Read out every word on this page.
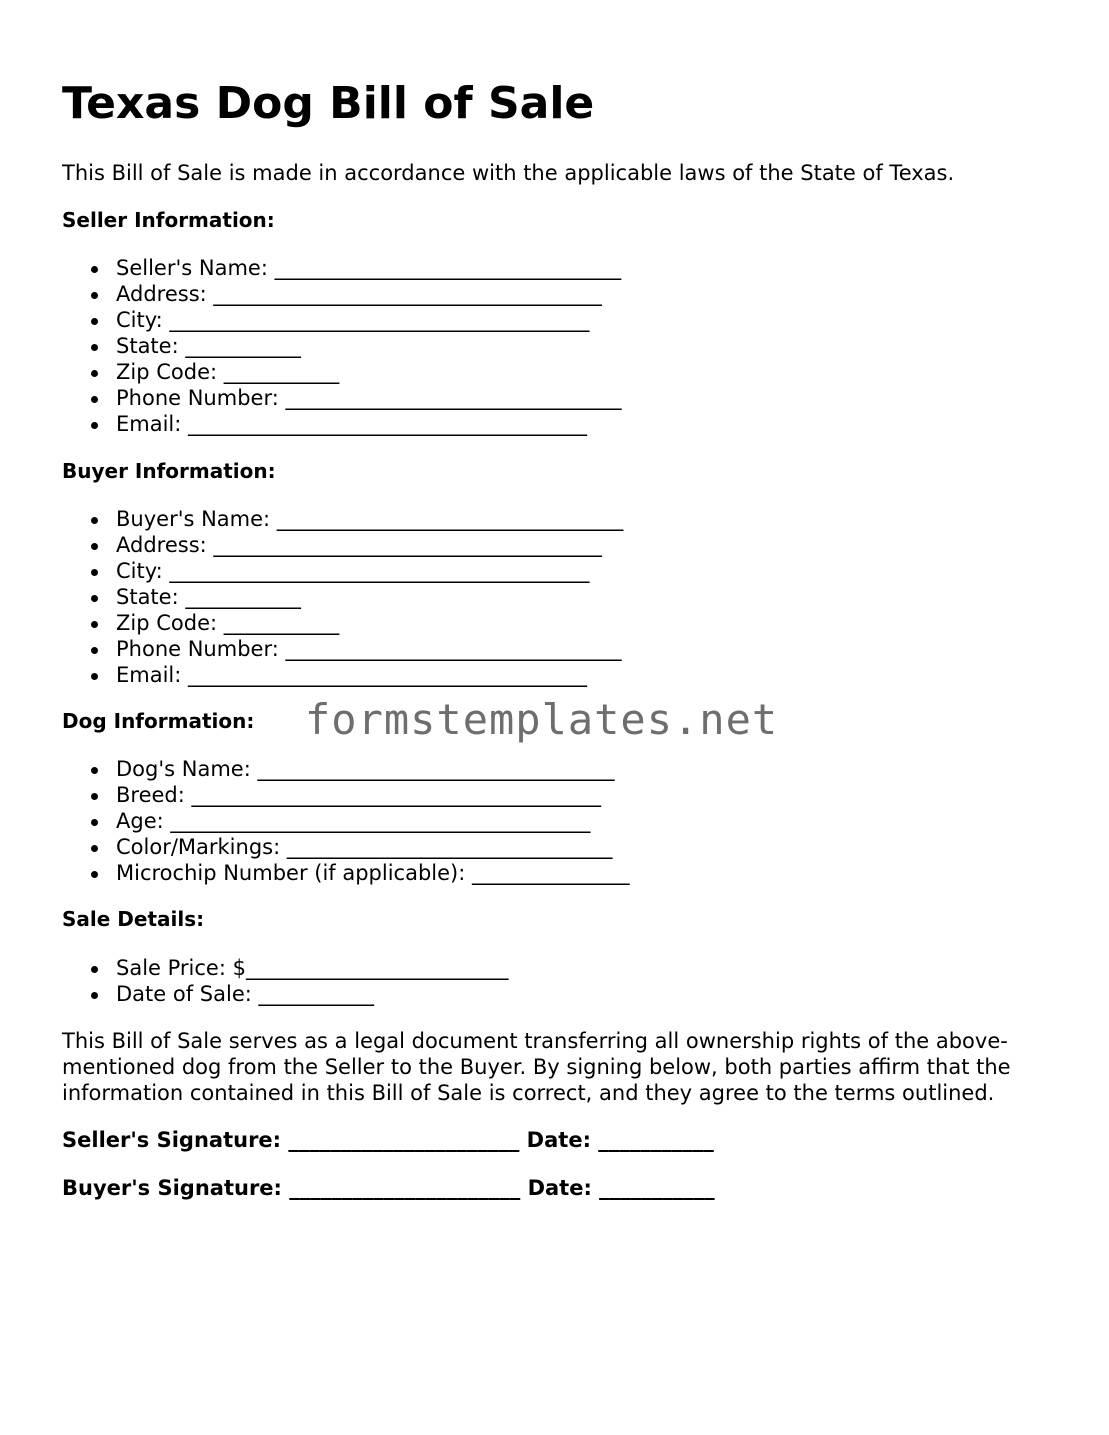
Texas Dog Bill of Sale

This Bill of Sale is made in accordance with the applicable laws of the State of Texas.

Seller Information:

Seller's Name: _________________________________
Address: _____________________________________
City: ________________________________________
State: ___________
Zip Code: ___________
Phone Number: ________________________________
Email: ______________________________________

Buyer Information:

Buyer's Name: _________________________________
Address: _____________________________________
City: ________________________________________
State: ___________
Zip Code: ___________
Phone Number: ________________________________
Email: ______________________________________

Dog Information:

Dog's Name: __________________________________
Breed: _______________________________________
Age: ________________________________________
Color/Markings: _______________________________
Microchip Number (if applicable): _______________

Sale Details:

Sale Price: $_________________________
Date of Sale: ___________

This Bill of Sale serves as a legal document transferring all ownership rights of the above-mentioned dog from the Seller to the Buyer. By signing below, both parties affirm that the information contained in this Bill of Sale is correct, and they agree to the terms outlined.

Seller's Signature: ______________________ Date: ___________

Buyer's Signature: ______________________ Date: ___________

formstemplates.net
